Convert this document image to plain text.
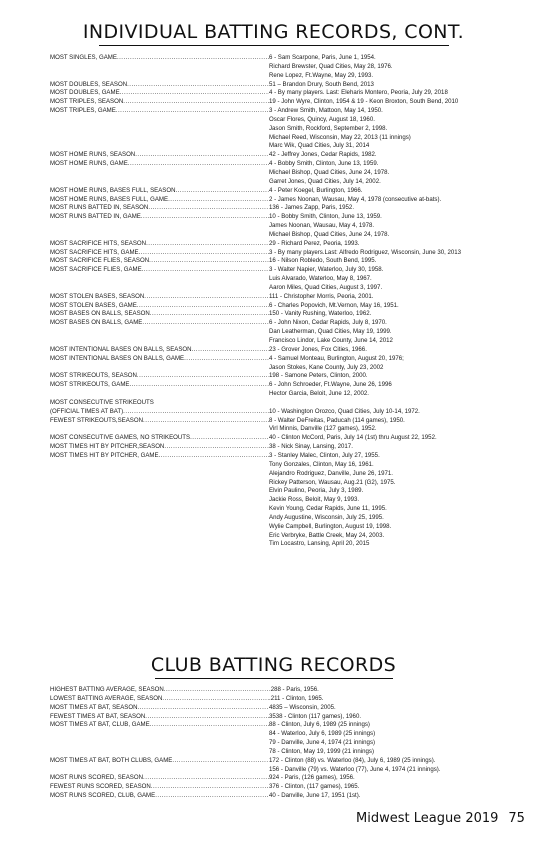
INDIVIDUAL BATTING RECORDS, CONT.
MOST SINGLES, GAME . . .	6 - Sam Scarpone, Paris, June 1, 1954.
Richard Brewster, Quad Cities, May 28, 1976.
Rene Lopez, Ft.Wayne, May 29, 1993.
MOST DOUBLES, SEASON . . .	51 – Brandon Drury, South Bend, 2013
MOST DOUBLES, GAME . . .	4 - By many players. Last: Eleharis Montero, Peoria, July 29, 2018
MOST TRIPLES, SEASON . . .	19 - John Wyre, Clinton, 1954 & 19 - Keon Broxton, South Bend, 2010
MOST TRIPLES, GAME . . .	3 - Andrew Smith, Mattoon, May 14, 1950.
Oscar Flores, Quincy, August 18, 1960.
Jason Smith, Rockford, September 2, 1998.
Michael Reed, Wisconsin, May 22, 2013 (11 innings)
Marc Wik, Quad Cities, July 31, 2014
MOST HOME RUNS, SEASON . . .	42 - Jeffrey Jones, Cedar Rapids, 1982.
MOST HOME RUNS, GAME . . .	4 - Bobby Smith, Clinton, June 13, 1959.
Michael Bishop, Quad Cities, June 24, 1978.
Garret Jones, Quad Cities, July 14, 2002.
MOST HOME RUNS, BASES FULL, SEASON . . .	4 - Peter Koegel, Burlington, 1966.
MOST HOME RUNS, BASES FULL, GAME . . .	2 - James Noonan, Wausau, May 4, 1978 (consecutive at-bats).
MOST RUNS BATTED IN, SEASON . . .	136 - James Zapp, Paris, 1952.
MOST RUNS BATTED IN, GAME . . .	10 - Bobby Smith, Clinton, June 13, 1959.
James Noonan, Wausau, May 4, 1978.
Michael Bishop, Quad Cities, June 24, 1978.
MOST SACRIFICE HITS, SEASON . . .	29 - Richard Perez, Peoria, 1993.
MOST SACRIFICE HITS, GAME . . .	3 - By many players.Last: Alfredo Rodriguez, Wisconsin, June 30, 2013
MOST SACRIFICE FLIES, SEASON . . .	16 - Nilson Robledo, South Bend, 1995.
MOST SACRIFICE FLIES, GAME . . .	3 - Walter Napier, Waterloo, July 30, 1958.
Luis Alvarado, Waterloo, May 8, 1967.
Aaron Miles, Quad Cities, August 3, 1997.
MOST STOLEN BASES, SEASON . . .	111 - Christopher Morris, Peoria, 2001.
MOST STOLEN BASES, GAME . . .	6 - Charles Popovich, Mt.Vernon, May 16, 1951.
MOST BASES ON BALLS, SEASON . . .	150 - Vanity Rushing, Waterloo, 1962.
MOST BASES ON BALLS, GAME . . .	6 - John Nixon, Cedar Rapids, July 8, 1970.
Dan Leatherman, Quad Cities, May 19, 1999.
Francisco Lindor, Lake County, June 14, 2012
MOST INTENTIONAL BASES ON BALLS, SEASON . . .	23 - Grover Jones, Fox Cities, 1966.
MOST INTENTIONAL BASES ON BALLS, GAME . . .	4 - Samuel Monteau, Burlington, August 20, 1976;
Jason Stokes, Kane County, July 23, 2002
MOST STRIKEOUTS, SEASON . . .	198 - Samone Peters, Clinton, 2000.
MOST STRIKEOUTS, GAME . . .	6 - John Schroeder, Ft.Wayne, June 26, 1996
Hector Garcia, Beloit, June 12, 2002.
MOST CONSECUTIVE STRIKEOUTS
(OFFICIAL TIMES AT BAT) . . .	10 - Washington Orozco, Quad Cities, July 10-14, 1972.
FEWEST STRIKEOUTS,SEASON . . .	8 - Walter DeFreitas, Paducah (114 games), 1950.
Virl Minnis, Danville (127 games), 1952.
MOST CONSECUTIVE GAMES, NO STRIKEOUTS . . .	40 - Clinton McCord, Paris, July 14 (1st) thru August 22, 1952.
MOST TIMES HIT BY PITCHER,SEASON . . .	38 - Nick Sinay, Lansing, 2017.
MOST TIMES HIT BY PITCHER, GAME . . .	3 - Stanley Malec, Clinton, July 27, 1955.
Tony Gonzales, Clinton, May 16, 1961.
Alejandro Rodriguez, Danville, June 26, 1971.
Rickey Patterson, Wausau, Aug.21 (G2), 1975.
Elvin Paulino, Peoria, July 3, 1989.
Jackie Ross, Beloit, May 9, 1993.
Kevin Young, Cedar Rapids, June 11, 1995.
Andy Augustine, Wisconsin, July 25, 1995.
Wylie Campbell, Burlington, August 19, 1998.
Eric Verbryke, Battle Creek, May 24, 2003.
Tim Locastro, Lansing, April 20, 2015
CLUB BATTING RECORDS
HIGHEST BATTING AVERAGE, SEASON . . .	.288 - Paris, 1956.
LOWEST BATTING AVERAGE, SEASON . . .	.211 - Clinton, 1965.
MOST TIMES AT BAT, SEASON . . .	4835 – Wisconsin, 2005.
FEWEST TIMES AT BAT, SEASON . . .	3538 - Clinton (117 games), 1960.
MOST TIMES AT BAT, CLUB, GAME . . .	88 - Clinton, July 6, 1989 (25 innings)
84 - Waterloo, July 6, 1989 (25 innings)
79 - Danville, June 4, 1974 (21 innings)
78 - Clinton, May 19, 1999 (21 innings)
MOST TIMES AT BAT, BOTH CLUBS, GAME . . .	172 - Clinton (88) vs. Waterloo (84), July 6, 1989 (25 innings).
156 - Danville (79) vs. Waterloo (77), June 4, 1974 (21 innings).
MOST RUNS SCORED, SEASON . . .	924 - Paris, (126 games), 1956.
FEWEST RUNS SCORED, SEASON . . .	376 - Clinton, (117 games), 1965.
MOST RUNS SCORED, CLUB, GAME . . .	40 - Danville, June 17, 1951 (1st).
Midwest League 2019 75
